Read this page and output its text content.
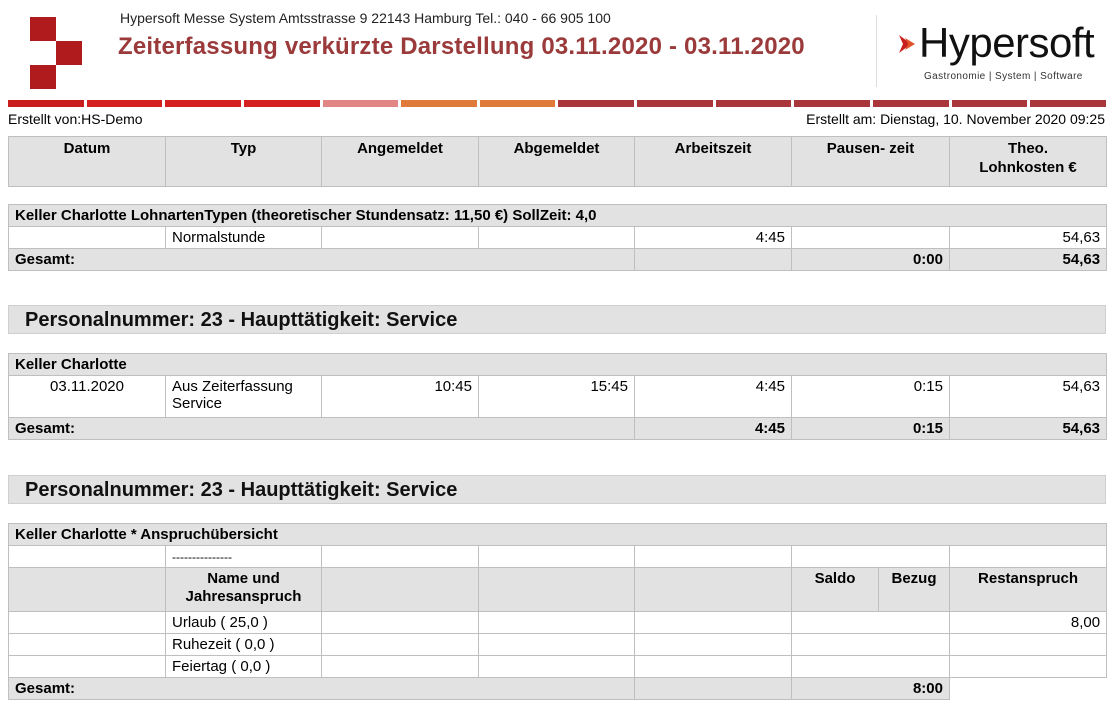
Hypersoft Messe System Amtsstrasse 9 22143 Hamburg Tel.: 040 - 66 905 100
Zeiterfassung verkürzte Darstellung 03.11.2020 - 03.11.2020	Hypersoft
Gastronomie | System | Software
Erstellt von:HS-Demo	Erstellt am: Dienstag, 10. November 2020 09:25
Datum	Typ	Angemeldet	Abgemeldet	Arbeitszeit	Pausen- zeit	Theo.
Lohnkosten €
Keller Charlotte LohnartenTypen (theoretischer Stundensatz: 11,50 €) SollZeit: 4,0						
	Normalstunde			4:45		54,63
Gesamt:					0:00	54,63
Personalnummer: 23 - Haupttätigkeit: Service
Keller Charlotte						
03.11.2020	Aus Zeiterfassung
Service	10:45	15:45	4:45	0:15	54,63
Gesamt:				4:45	0:15	54,63
Personalnummer: 23 - Haupttätigkeit: Service
Keller Charlotte * Anspruchübersicht							
	---------------						
	Name und
Jahresanspruch				Saldo	Bezug	Restanspruch
	Urlaub ( 25,0 )						8,00
	Ruhezeit ( 0,0 )						
	Feiertag ( 0,0 )						
Gesamt:					8:00		
